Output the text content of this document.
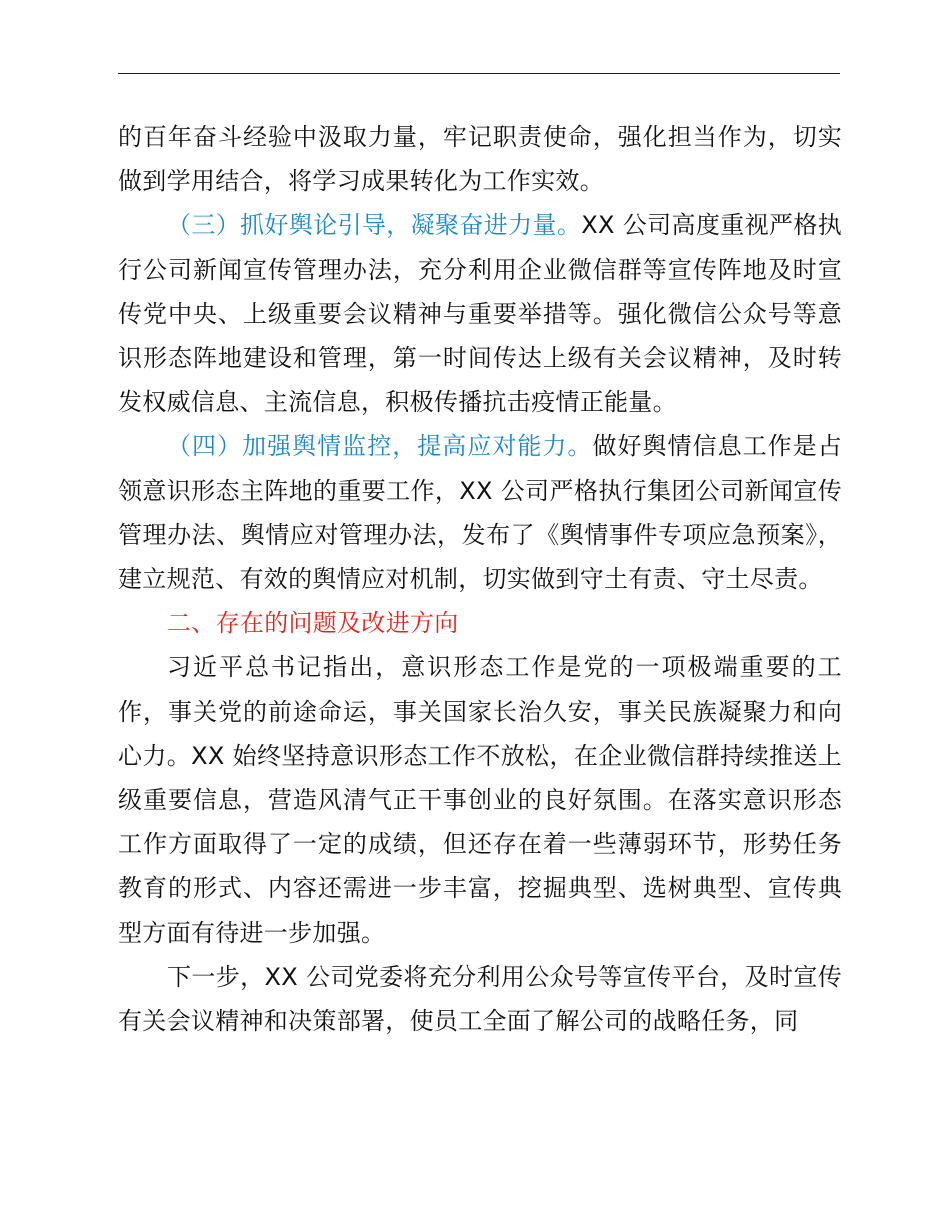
的百年奋斗经验中汲取力量，牢记职责使命，强化担当作为，切实做到学用结合，将学习成果转化为工作实效。

（三）抓好舆论引导，凝聚奋进力量。XX 公司高度重视严格执行公司新闻宣传管理办法，充分利用企业微信群等宣传阵地及时宣传党中央、上级重要会议精神与重要举措等。强化微信公众号等意识形态阵地建设和管理，第一时间传达上级有关会议精神，及时转发权威信息、主流信息，积极传播抗击疫情正能量。

（四）加强舆情监控，提高应对能力。做好舆情信息工作是占领意识形态主阵地的重要工作，XX 公司严格执行集团公司新闻宣传管理办法、舆情应对管理办法，发布了《舆情事件专项应急预案》，建立规范、有效的舆情应对机制，切实做到守土有责、守土尽责。

二、存在的问题及改进方向

习近平总书记指出，意识形态工作是党的一项极端重要的工作，事关党的前途命运，事关国家长治久安，事关民族凝聚力和向心力。XX 始终坚持意识形态工作不放松，在企业微信群持续推送上级重要信息，营造风清气正干事创业的良好氛围。在落实意识形态工作方面取得了一定的成绩，但还存在着一些薄弱环节，形势任务教育的形式、内容还需进一步丰富，挖掘典型、选树典型、宣传典型方面有待进一步加强。

下一步，XX 公司党委将充分利用公众号等宣传平台，及时宣传有关会议精神和决策部署，使员工全面了解公司的战略任务，同
